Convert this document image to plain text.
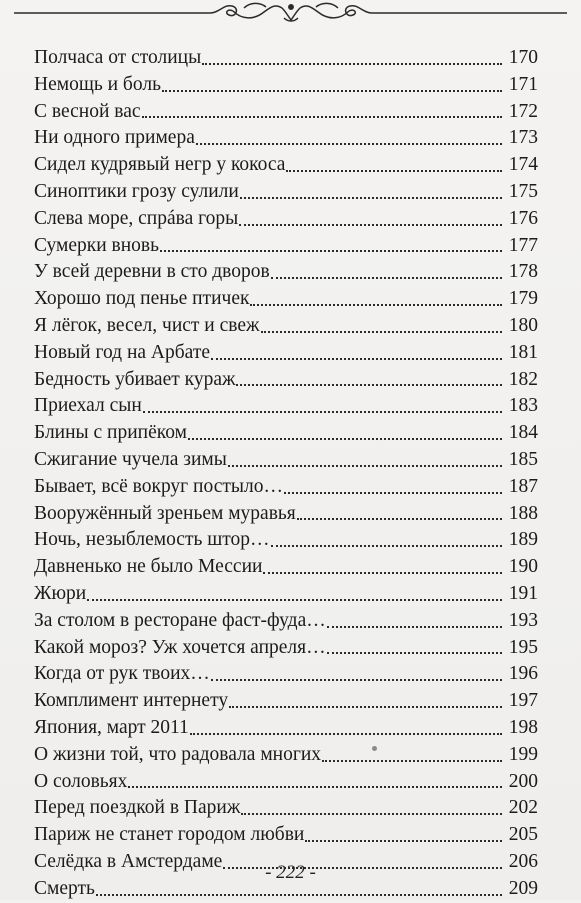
Полчаса от столицы	170
Немощь и боль	171
С весной вас	172
Ни одного примера	173
Сидел кудрявый негр у кокоса	174
Синоптики грозу сулили	175
Слева море, спрáва горы	176
Сумерки вновь	177
У всей деревни в сто дворов	178
Хорошо под пенье птичек	179
Я лёгок, весел, чист и свеж	180
Новый год на Арбате	181
Бедность убивает кураж	182
Приехал сын	183
Блины с припёком	184
Сжигание чучела зимы	185
Бывает, всё вокруг постыло…	187
Вооружённый зреньем муравья	188
Ночь, незыблемость штор…	189
Давненько не было Мессии	190
Жюри	191
За столом в ресторане фаст-фуда…	193
Какой мороз? Уж хочется апреля…	195
Когда от рук твоих…	196
Комплимент интернету	197
Япония, март 2011	198
О жизни той, что радовала многих	199
О соловьях	200
Перед поездкой в Париж	202
Париж не станет городом любви	205
Селёдка в Амстердаме	206
Смерть	209
- 222 -
